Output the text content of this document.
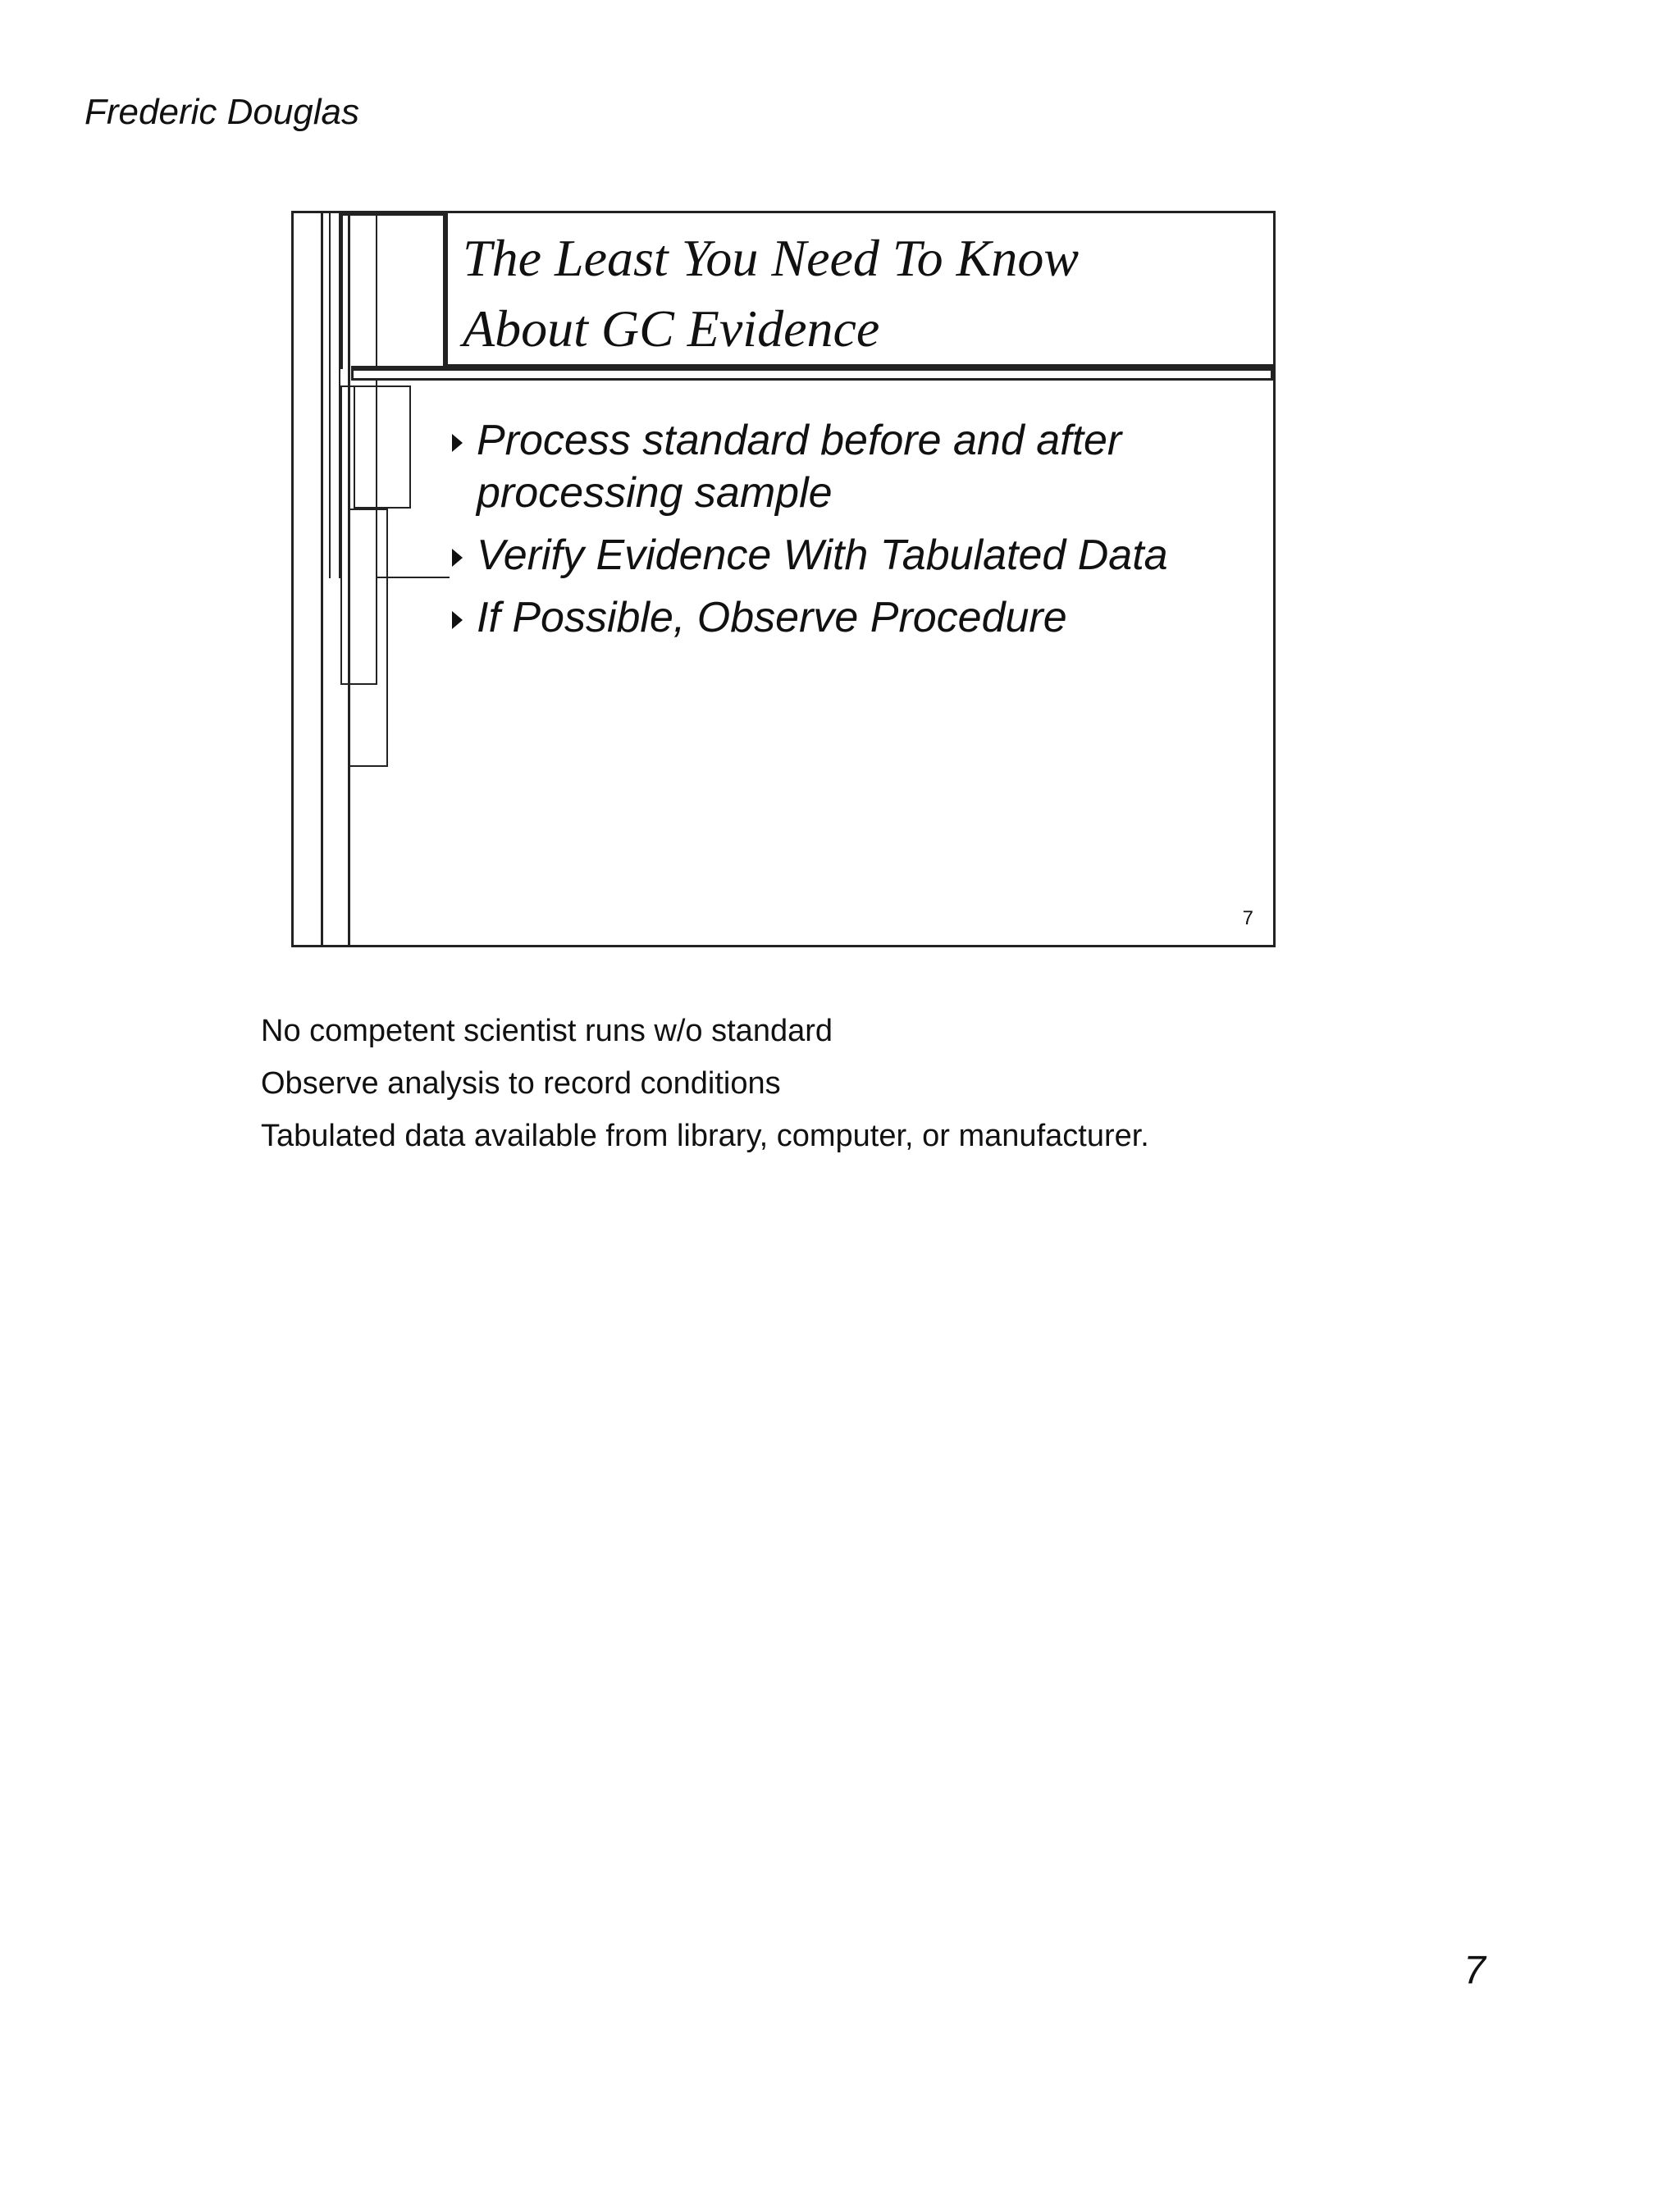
Frederic Douglas
The Least You Need To Know
About GC Evidence
Process standard before and after processing sample
Verify Evidence With Tabulated Data
If Possible, Observe Procedure
7
No competent scientist runs w/o standard
Observe analysis to record conditions
Tabulated data available from library, computer, or manufacturer.
7
